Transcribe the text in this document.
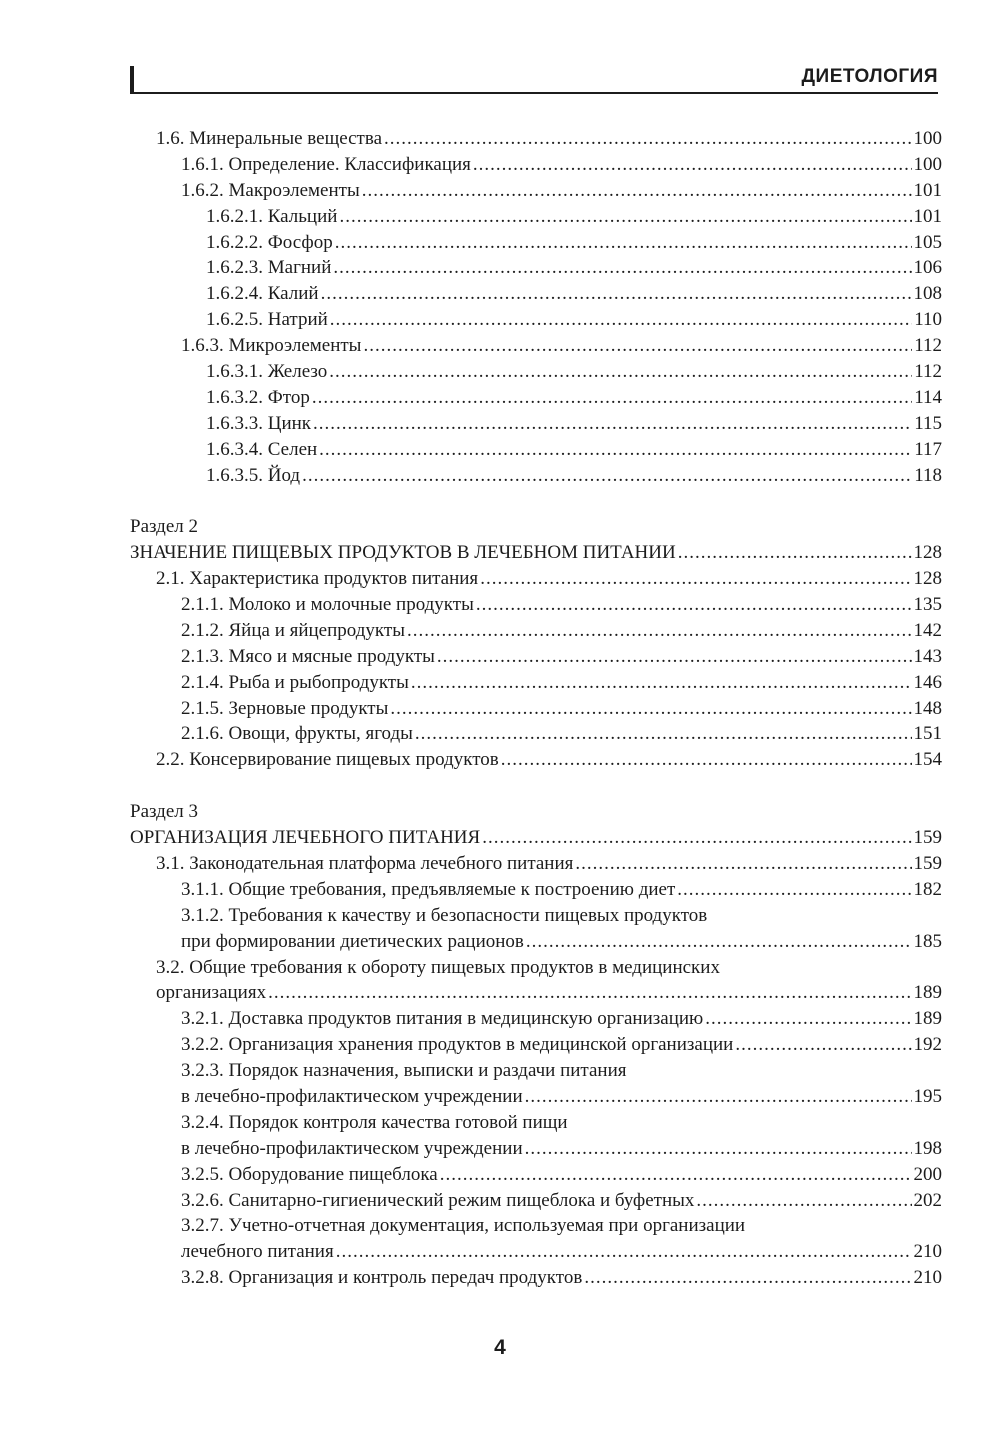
ДИЕТОЛОГИЯ
1.6. Минеральные вещества .....	100
1.6.1. Определение. Классификация .....	100
1.6.2. Макроэлементы .....	101
1.6.2.1. Кальций .....	101
1.6.2.2. Фосфор .....	105
1.6.2.3. Магний .....	106
1.6.2.4. Калий .....	108
1.6.2.5. Натрий .....	110
1.6.3. Микроэлементы .....	112
1.6.3.1. Железо .....	112
1.6.3.2. Фтор .....	114
1.6.3.3. Цинк .....	115
1.6.3.4. Селен .....	117
1.6.3.5. Йод .....	118
Раздел 2
ЗНАЧЕНИЕ ПИЩЕВЫХ ПРОДУКТОВ В ЛЕЧЕБНОМ ПИТАНИИ .....	128
2.1. Характеристика продуктов питания .....	128
2.1.1. Молоко и молочные продукты .....	135
2.1.2. Яйца и яйцепродукты .....	142
2.1.3. Мясо и мясные продукты .....	143
2.1.4. Рыба и рыбопродукты .....	146
2.1.5. Зерновые продукты .....	148
2.1.6. Овощи, фрукты, ягоды .....	151
2.2. Консервирование пищевых продуктов .....	154
Раздел 3
ОРГАНИЗАЦИЯ ЛЕЧЕБНОГО ПИТАНИЯ .....	159
3.1. Законодательная платформа лечебного питания .....	159
3.1.1. Общие требования, предъявляемые к построению диет .....	182
3.1.2. Требования к качеству и безопасности пищевых продуктов
при формировании диетических рационов .....	185
3.2. Общие требования к обороту пищевых продуктов в медицинских
организациях .....	189
3.2.1. Доставка продуктов питания в медицинскую организацию .....	189
3.2.2. Организация хранения продуктов в медицинской организации .....	192
3.2.3. Порядок назначения, выписки и раздачи питания
в лечебно-профилактическом учреждении .....	195
3.2.4. Порядок контроля качества готовой пищи
в лечебно-профилактическом учреждении .....	198
3.2.5. Оборудование пищеблока .....	200
3.2.6. Санитарно-гигиенический режим пищеблока и буфетных .....	202
3.2.7. Учетно-отчетная документация, используемая при организации
лечебного питания .....	210
3.2.8. Организация и контроль передач продуктов .....	210
4
